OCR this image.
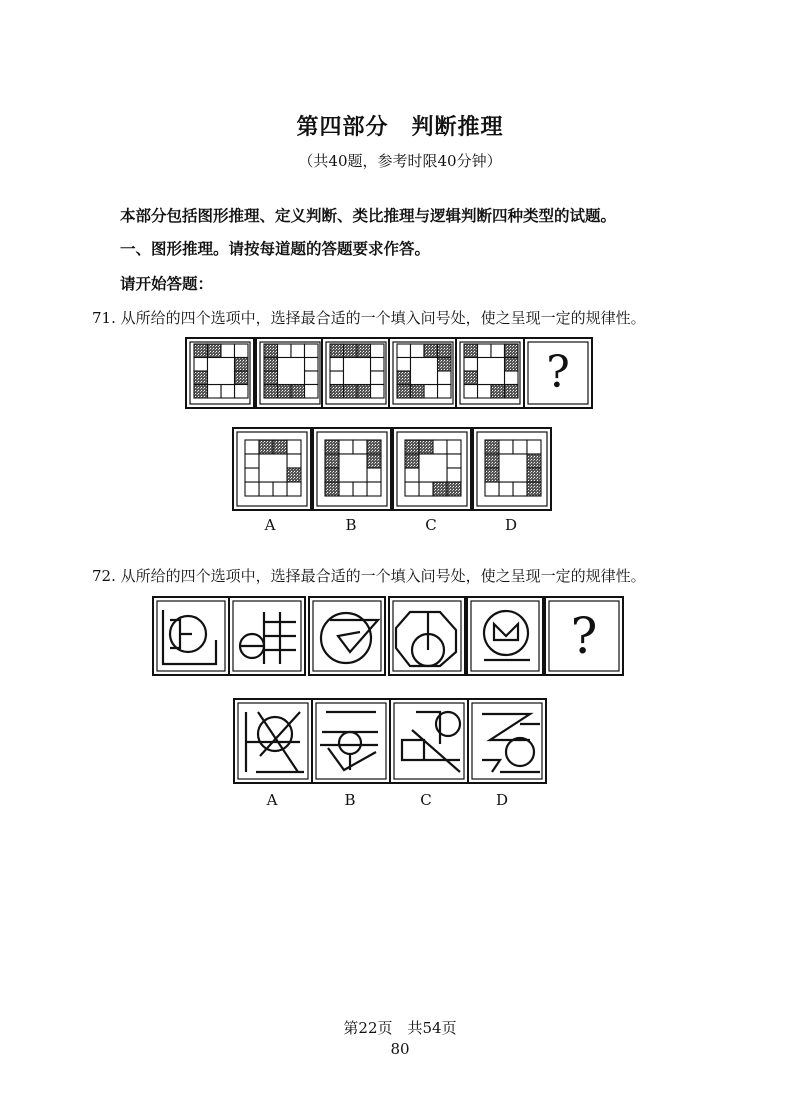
第四部分　判断推理
（共40题，参考时限40分钟）
本部分包括图形推理、定义判断、类比推理与逻辑判断四种类型的试题。
一、图形推理。请按每道题的答题要求作答。
请开始答题：
71. 从所给的四个选项中，选择最合适的一个填入问号处，使之呈现一定的规律性。
?
A	B	C	D
72. 从所给的四个选项中，选择最合适的一个填入问号处，使之呈现一定的规律性。
?
A	B	C	D
第22页　共54页
80
